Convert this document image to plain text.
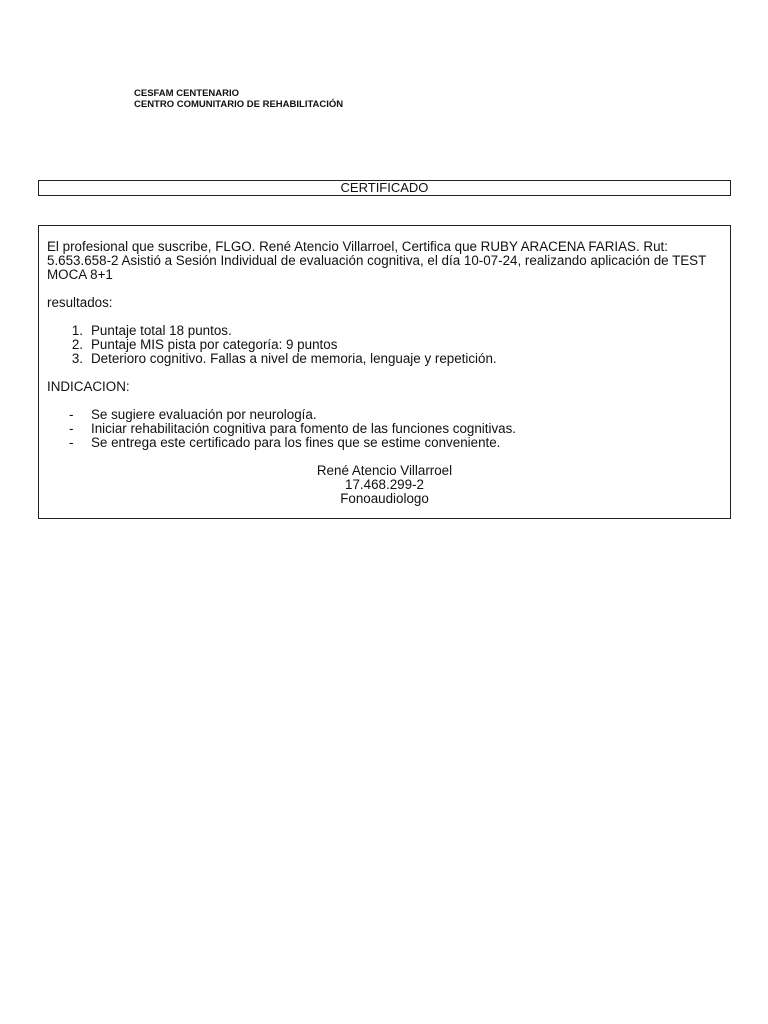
CESFAM CENTENARIO
CENTRO COMUNITARIO DE REHABILITACIÓN
CERTIFICADO

El profesional que suscribe, FLGO. René Atencio Villarroel, Certifica que RUBY ARACENA FARIAS. Rut: 5.653.658-2 Asistió a Sesión Individual de evaluación cognitiva, el día 10-07-24, realizando aplicación de TEST MOCA 8+1

resultados:

1. Puntaje total 18 puntos.
2. Puntaje MIS pista por categoría: 9 puntos
3. Deterioro cognitivo. Fallas a nivel de memoria, lenguaje y repetición.

INDICACION:

-	Se sugiere evaluación por neurología.
-	Iniciar rehabilitación cognitiva para fomento de las funciones cognitivas.
-	Se entrega este certificado para los fines que se estime conveniente.
René Atencio Villarroel
17.468.299-2
Fonoaudiologo
